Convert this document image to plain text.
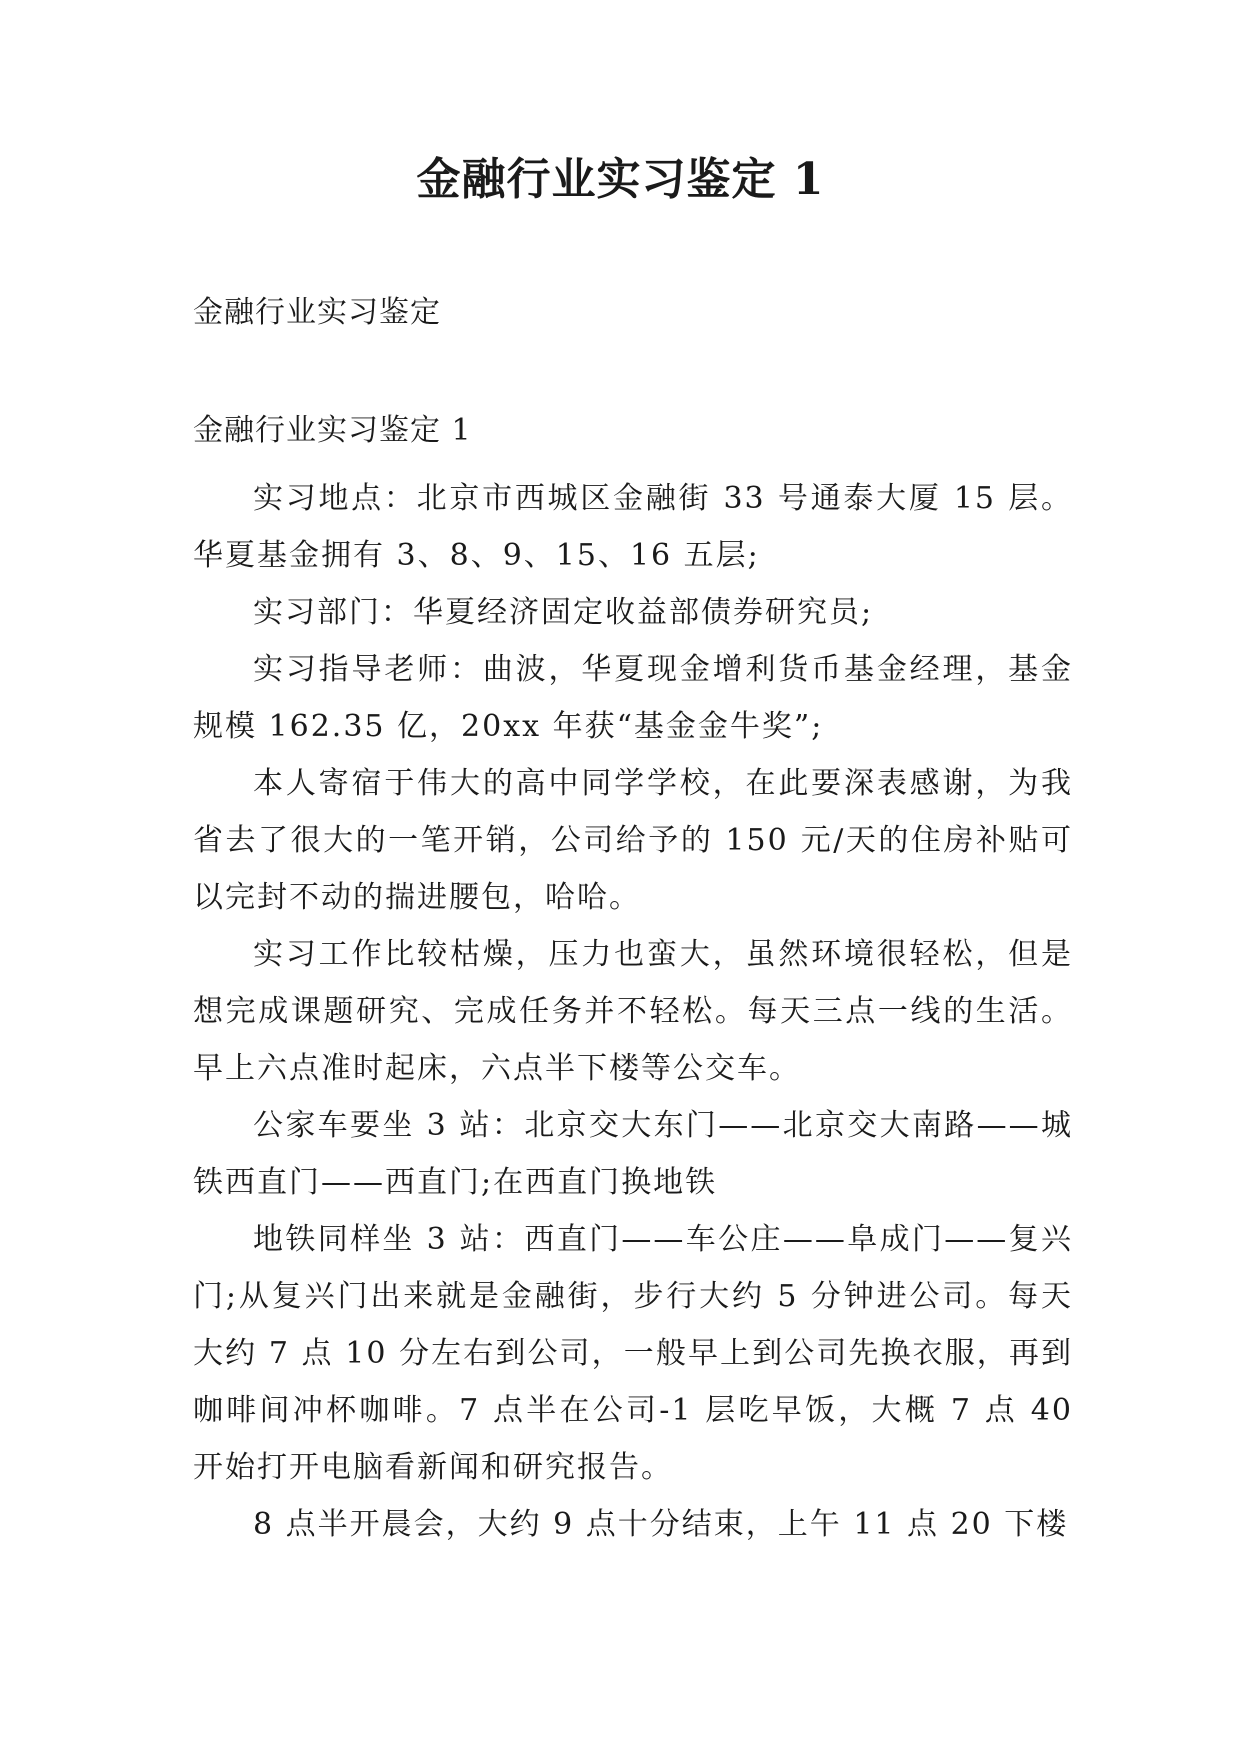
金融行业实习鉴定 1

金融行业实习鉴定

金融行业实习鉴定 1

实习地点：北京市西城区金融街 33 号通泰大厦 15 层。华夏基金拥有 3、8、9、15、16 五层;

实习部门：华夏经济固定收益部债券研究员;

实习指导老师：曲波，华夏现金增利货币基金经理，基金规模 162.35 亿，20xx 年获“基金金牛奖”;

本人寄宿于伟大的高中同学学校，在此要深表感谢，为我省去了很大的一笔开销，公司给予的 150 元/天的住房补贴可以完封不动的揣进腰包，哈哈。

实习工作比较枯燥，压力也蛮大，虽然环境很轻松，但是想完成课题研究、完成任务并不轻松。每天三点一线的生活。早上六点准时起床，六点半下楼等公交车。

公家车要坐 3 站：北京交大东门——北京交大南路——城铁西直门——西直门;在西直门换地铁

地铁同样坐 3 站：西直门——车公庄——阜成门——复兴门;从复兴门出来就是金融街，步行大约 5 分钟进公司。每天大约 7 点 10 分左右到公司，一般早上到公司先换衣服，再到咖啡间冲杯咖啡。7 点半在公司-1 层吃早饭，大概 7 点 40 开始打开电脑看新闻和研究报告。

8 点半开晨会，大约 9 点十分结束，上午 11 点 20 下楼
